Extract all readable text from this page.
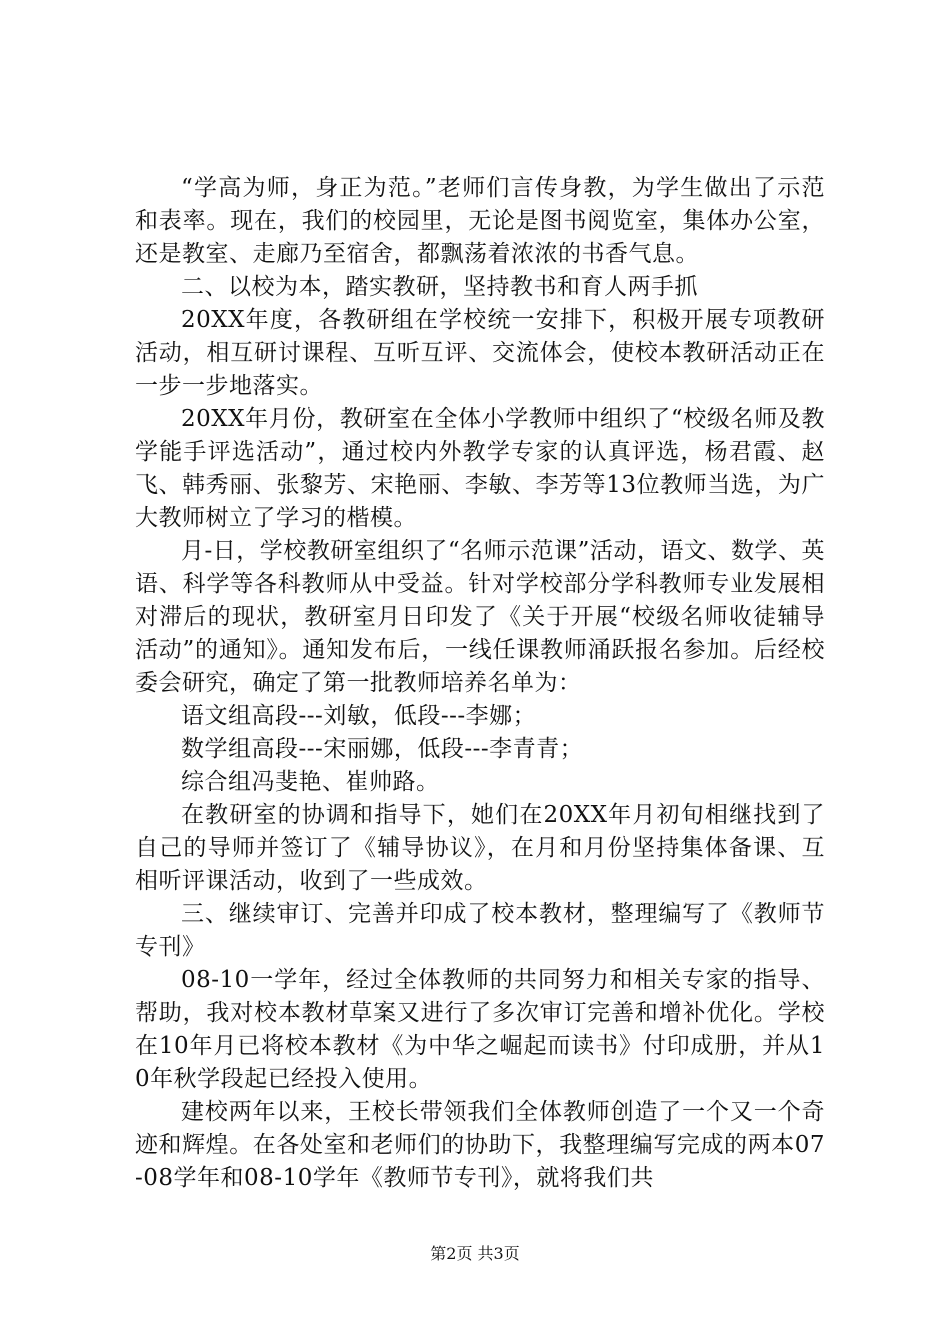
“学高为师，身正为范。”老师们言传身教，为学生做出了示范和表率。现在，我们的校园里，无论是图书阅览室，集体办公室，还是教室、走廊乃至宿舍，都飘荡着浓浓的书香气息。

二、以校为本，踏实教研，坚持教书和育人两手抓

20XX年度，各教研组在学校统一安排下，积极开展专项教研活动，相互研讨课程、互听互评、交流体会，使校本教研活动正在一步一步地落实。

20XX年月份，教研室在全体小学教师中组织了“校级名师及教学能手评选活动”，通过校内外教学专家的认真评选，杨君霞、赵飞、韩秀丽、张黎芳、宋艳丽、李敏、李芳等13位教师当选，为广大教师树立了学习的楷模。

月-日，学校教研室组织了“名师示范课”活动，语文、数学、英语、科学等各科教师从中受益。针对学校部分学科教师专业发展相对滞后的现状，教研室月日印发了《关于开展“校级名师收徒辅导活动”的通知》。通知发布后，一线任课教师涌跃报名参加。后经校委会研究，确定了第一批教师培养名单为：

语文组高段---刘敏，低段---李娜；

数学组高段---宋丽娜，低段---李青青；

综合组冯斐艳、崔帅路。

在教研室的协调和指导下，她们在20XX年月初旬相继找到了自己的导师并签订了《辅导协议》，在月和月份坚持集体备课、互相听评课活动，收到了一些成效。

三、继续审订、完善并印成了校本教材，整理编写了《教师节专刊》

08-10一学年，经过全体教师的共同努力和相关专家的指导、帮助，我对校本教材草案又进行了多次审订完善和增补优化。学校在10年月已将校本教材《为中华之崛起而读书》付印成册，并从10年秋学段起已经投入使用。

建校两年以来，王校长带领我们全体教师创造了一个又一个奇迹和辉煌。在各处室和老师们的协助下，我整理编写完成的两本07-08学年和08-10学年《教师节专刊》，就将我们共

第2页 共3页
